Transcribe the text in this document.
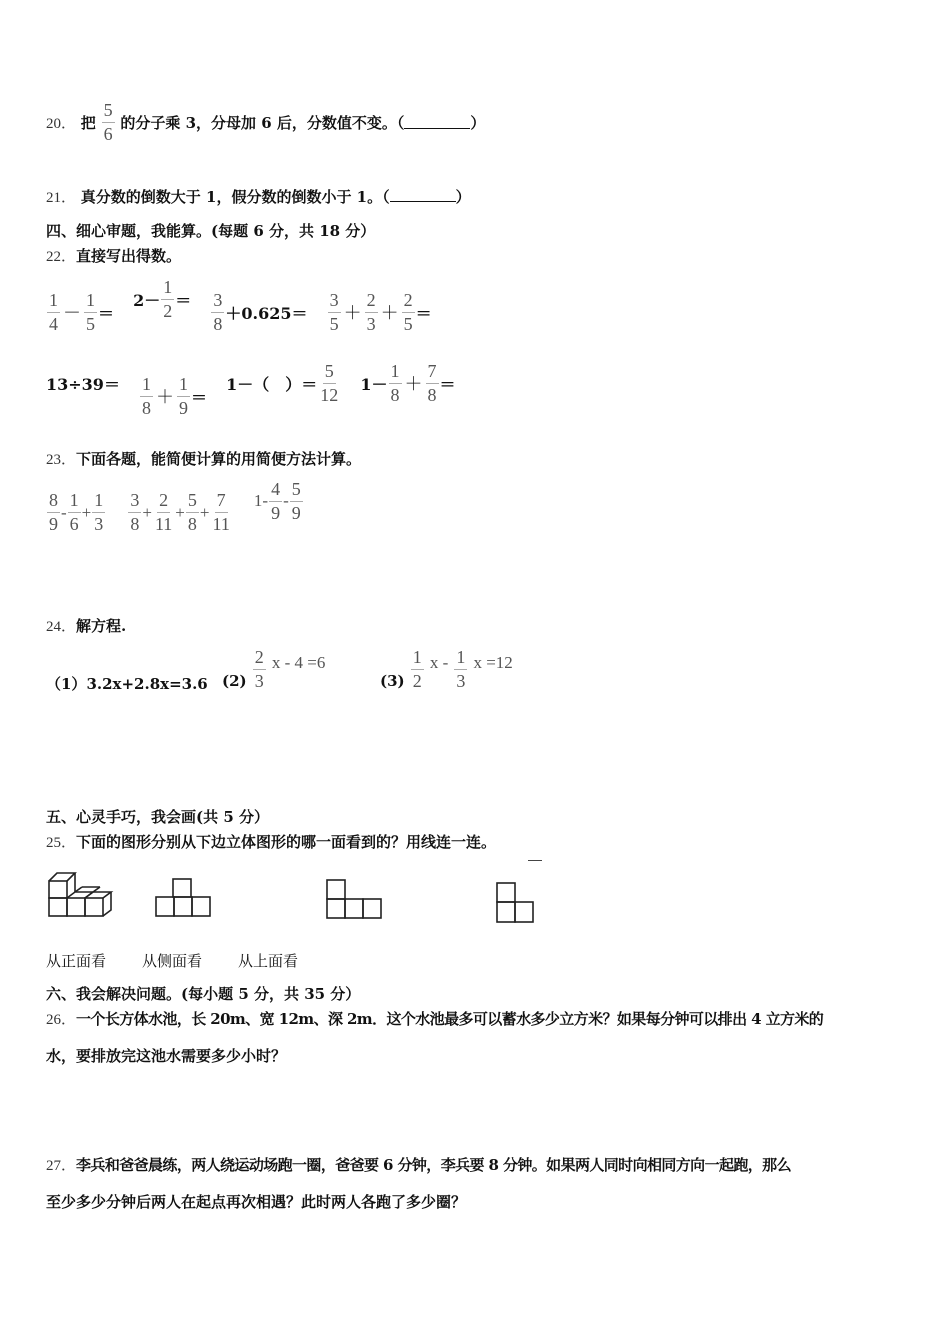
20． 把 $\frac{5}{6}$ 的分子乘 3，分母加 6 后，分数值不变。（	）
21． 真分数的倒数大于 1，假分数的倒数小于 1。（	）
四、细心审题，我能算。(每题 6 分，共 18 分）
22．直接写出得数。
$\frac{1}{4} - \frac{1}{5}$ ＝

$2- \frac{1}{2}$ ＝
$\frac{3}{8} +0.625=$
$\frac{3}{5} + \frac{2}{3} + \frac{2}{5}$ ＝
13÷39＝
$\frac{1}{8} + \frac{1}{9}$ ＝

1－（　）＝ $\frac{5}{12}$
$1- \frac{1}{8} + \frac{7}{8}$ ＝
23．下面各题，能简便计算的用简便方法计算。
$\frac{8}{9} - \frac{1}{6} + \frac{1}{3}$
$\frac{3}{8} + \frac{2}{11} + \frac{5}{8} + \frac{7}{11}$
$1- \frac{4}{9} - \frac{5}{9}$
24．解方程.
（1）3.2x+2.8x=3.6 $(2) \frac{2}{3}$ x - 4 =6
$(3) \frac{1}{2}$ x - $\frac{1}{3}$ x =12
五、心灵手巧，我会画(共 5 分）
25．下面的图形分别从下边立体图形的哪一面看到的？用线连一连。
从正面看 从侧面看 从上面看
六、我会解决问题。(每小题 5 分，共 35 分）
26．一个长方体水池，长 20m、宽 12m、深 2m．这个水池最多可以蓄水多少立方米？如果每分钟可以排出 4 立方米的
水，要排放完这池水需要多少小时？
27．李兵和爸爸晨练，两人绕运动场跑一圈，爸爸要 6 分钟，李兵要 8 分钟。如果两人同时向相同方向一起跑，那么
至少多少分钟后两人在起点再次相遇？此时两人各跑了多少圈？
